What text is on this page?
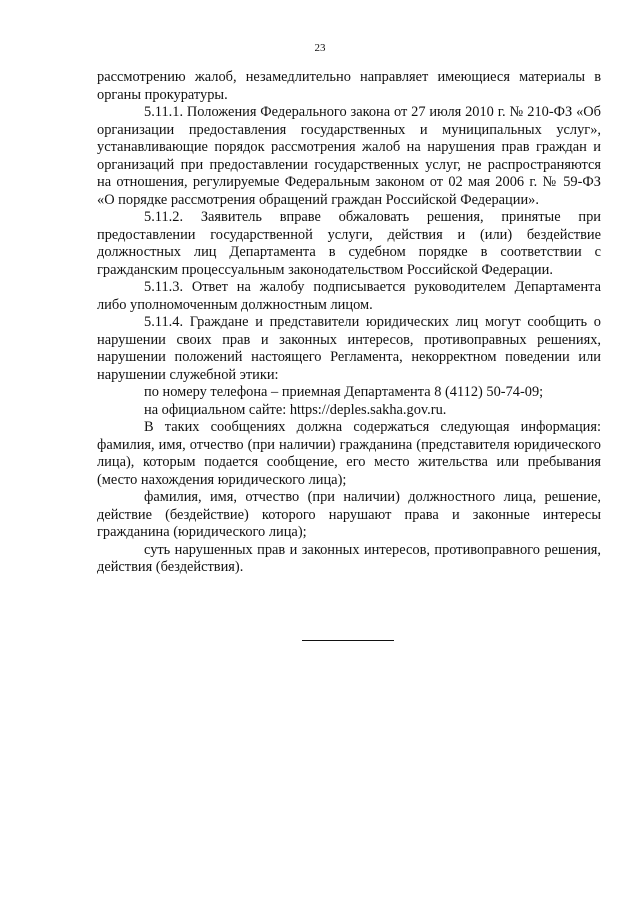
23

рассмотрению жалоб, незамедлительно направляет имеющиеся материалы в органы прокуратуры.

5.11.1. Положения Федерального закона от 27 июля 2010 г. № 210-ФЗ «Об организации предоставления государственных и муниципальных услуг», устанавливающие порядок рассмотрения жалоб на нарушения прав граждан и организаций при предоставлении государственных услуг, не распространяются на отношения, регулируемые Федеральным законом от 02 мая 2006 г. № 59-ФЗ «О порядке рассмотрения обращений граждан Российской Федерации».

5.11.2. Заявитель вправе обжаловать решения, принятые при предоставлении государственной услуги, действия и (или) бездействие должностных лиц Департамента в судебном порядке в соответствии с гражданским процессуальным законодательством Российской Федерации.

5.11.3. Ответ на жалобу подписывается руководителем Департамента либо уполномоченным должностным лицом.

5.11.4. Граждане и представители юридических лиц могут сообщить о нарушении своих прав и законных интересов, противоправных решениях, нарушении положений настоящего Регламента, некорректном поведении или нарушении служебной этики:

по номеру телефона – приемная Департамента 8 (4112) 50-74-09;

на официальном сайте: https://deples.sakha.gov.ru.

В таких сообщениях должна содержаться следующая информация: фамилия, имя, отчество (при наличии) гражданина (представителя юридического лица), которым подается сообщение, его место жительства или пребывания (место нахождения юридического лица);

фамилия, имя, отчество (при наличии) должностного лица, решение, действие (бездействие) которого нарушают права и законные интересы гражданина (юридического лица);

суть нарушенных прав и законных интересов, противоправного решения, действия (бездействия).
